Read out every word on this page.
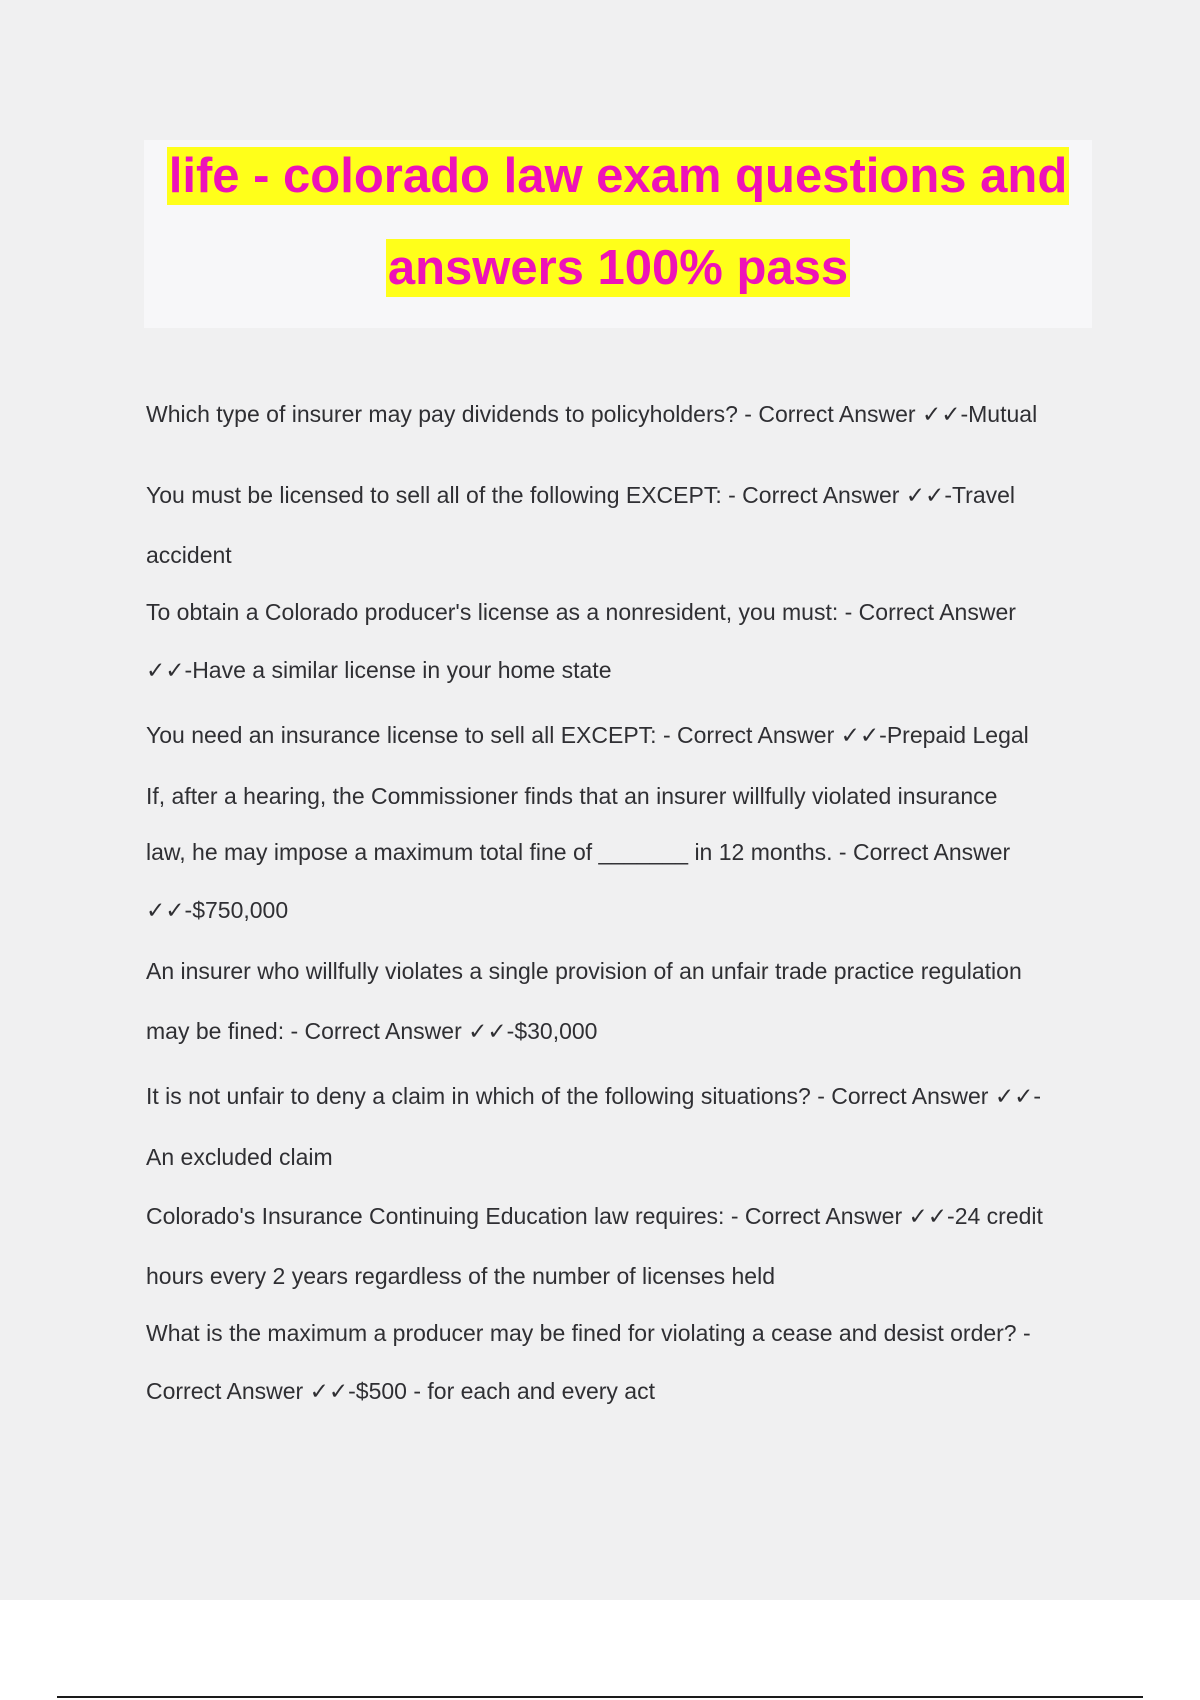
life - colorado law exam questions and
answers 100% pass
Which type of insurer may pay dividends to policyholders? - Correct Answer ✓✓-Mutual
You must be licensed to sell all of the following EXCEPT: - Correct Answer ✓✓-Travel
accident
To obtain a Colorado producer's license as a nonresident, you must: - Correct Answer
✓✓-Have a similar license in your home state
You need an insurance license to sell all EXCEPT: - Correct Answer ✓✓-Prepaid Legal
If, after a hearing, the Commissioner finds that an insurer willfully violated insurance
law, he may impose a maximum total fine of _______ in 12 months. - Correct Answer
✓✓-$750,000
An insurer who willfully violates a single provision of an unfair trade practice regulation
may be fined: - Correct Answer ✓✓-$30,000
It is not unfair to deny a claim in which of the following situations? - Correct Answer ✓✓-
An excluded claim
Colorado's Insurance Continuing Education law requires: - Correct Answer ✓✓-24 credit
hours every 2 years regardless of the number of licenses held
What is the maximum a producer may be fined for violating a cease and desist order? -
Correct Answer ✓✓-$500 - for each and every act
